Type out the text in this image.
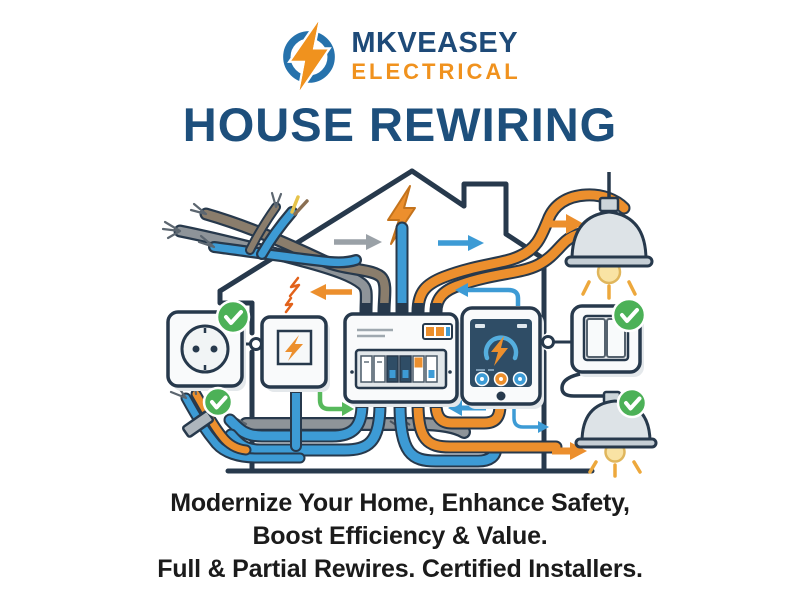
MKVEASEY
ELECTRICAL
HOUSE REWIRING

Modernize Your Home, Enhance Safety,

Boost Efficiency & Value.

Full & Partial Rewires. Certified Installers.
